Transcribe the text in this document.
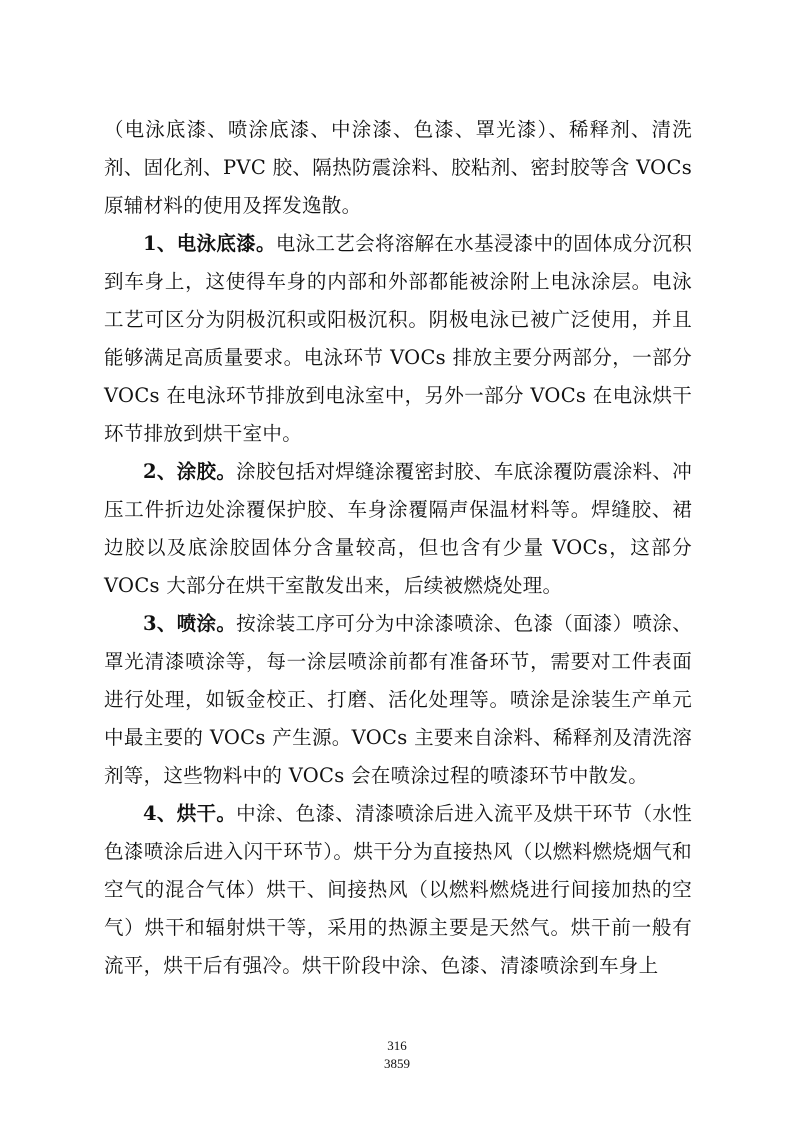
（电泳底漆、喷涂底漆、中涂漆、色漆、罩光漆）、稀释剂、清洗剂、固化剂、PVC 胶、隔热防震涂料、胶粘剂、密封胶等含 VOCs 原辅材料的使用及挥发逸散。

1、电泳底漆。电泳工艺会将溶解在水基浸漆中的固体成分沉积到车身上，这使得车身的内部和外部都能被涂附上电泳涂层。电泳工艺可区分为阴极沉积或阳极沉积。阴极电泳已被广泛使用，并且能够满足高质量要求。电泳环节 VOCs 排放主要分两部分，一部分 VOCs 在电泳环节排放到电泳室中，另外一部分 VOCs 在电泳烘干环节排放到烘干室中。

2、涂胶。涂胶包括对焊缝涂覆密封胶、车底涂覆防震涂料、冲压工件折边处涂覆保护胶、车身涂覆隔声保温材料等。焊缝胶、裙边胶以及底涂胶固体分含量较高，但也含有少量 VOCs，这部分 VOCs 大部分在烘干室散发出来，后续被燃烧处理。

3、喷涂。按涂装工序可分为中涂漆喷涂、色漆（面漆）喷涂、罩光清漆喷涂等，每一涂层喷涂前都有准备环节，需要对工件表面进行处理，如钣金校正、打磨、活化处理等。喷涂是涂装生产单元中最主要的 VOCs 产生源。VOCs 主要来自涂料、稀释剂及清洗溶剂等，这些物料中的 VOCs 会在喷涂过程的喷漆环节中散发。

4、烘干。中涂、色漆、清漆喷涂后进入流平及烘干环节（水性色漆喷涂后进入闪干环节）。烘干分为直接热风（以燃料燃烧烟气和空气的混合气体）烘干、间接热风（以燃料燃烧进行间接加热的空气）烘干和辐射烘干等，采用的热源主要是天然气。烘干前一般有流平，烘干后有强冷。烘干阶段中涂、色漆、清漆喷涂到车身上

316
3859
